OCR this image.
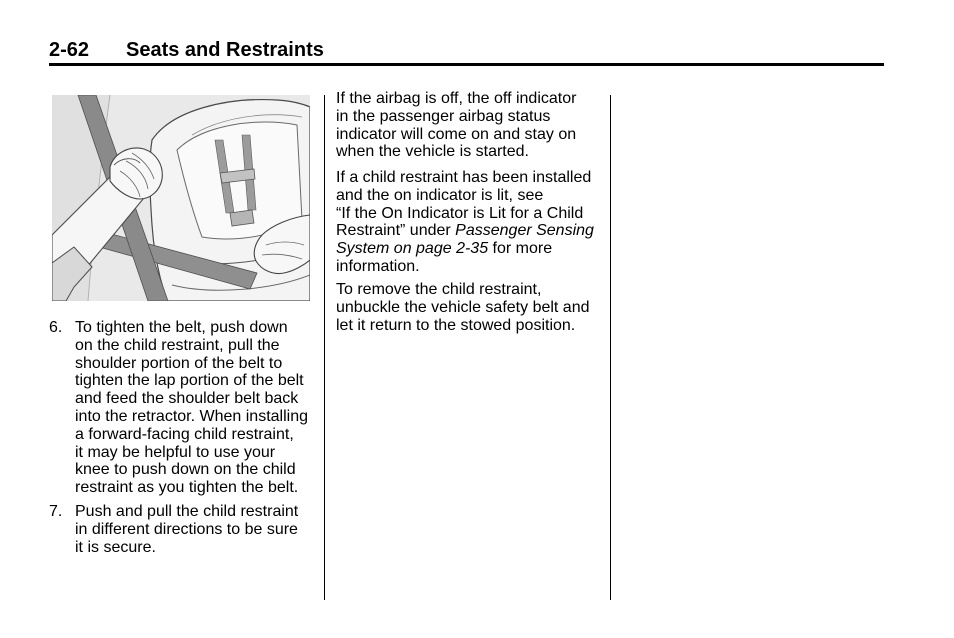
2-62 Seats and Restraints
6. To tighten the belt, push down
on the child restraint, pull the
shoulder portion of the belt to
tighten the lap portion of the belt
and feed the shoulder belt back
into the retractor. When installing
a forward-facing child restraint,
it may be helpful to use your
knee to push down on the child
restraint as you tighten the belt.
7. Push and pull the child restraint
in different directions to be sure
it is secure.
If the airbag is off, the off indicator
in the passenger airbag status
indicator will come on and stay on
when the vehicle is started.
If a child restraint has been installed
and the on indicator is lit, see
“If the On Indicator is Lit for a Child
Restraint” under Passenger Sensing
System on page 2-35 for more
information.
To remove the child restraint,
unbuckle the vehicle safety belt and
let it return to the stowed position.
